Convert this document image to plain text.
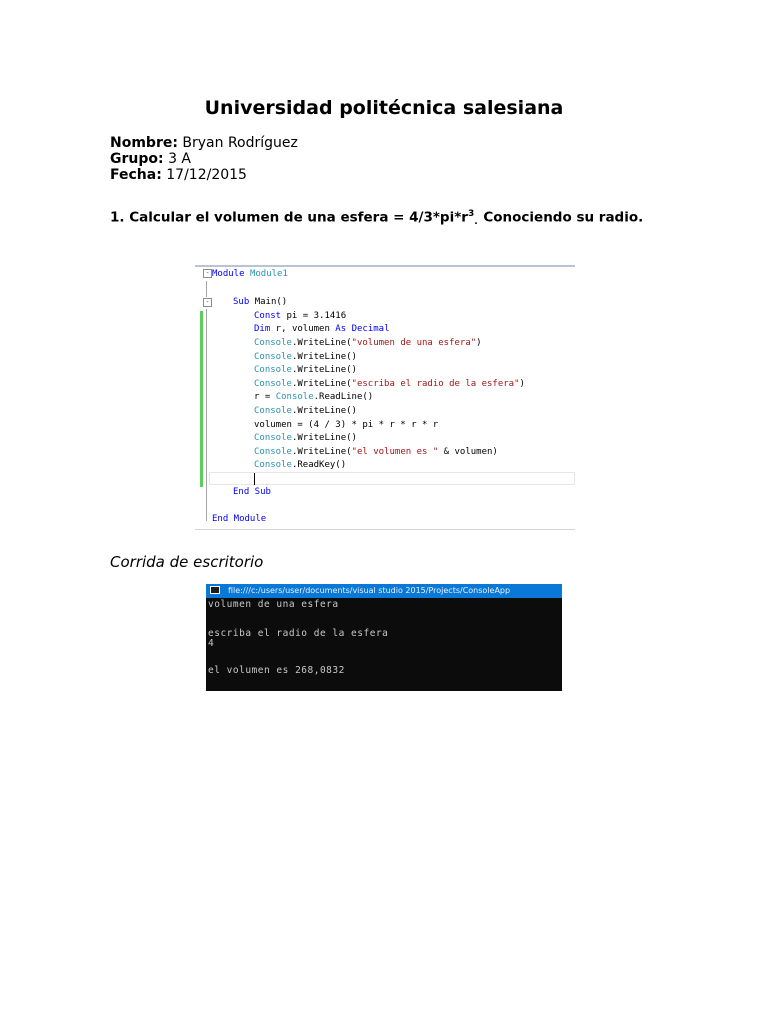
Universidad politécnica salesiana
Nombre: Bryan Rodríguez
Grupo: 3 A
Fecha: 17/12/2015
1. Calcular el volumen de una esfera = $4/3*pi*r^3$. Conociendo su radio.
-
-
Module Module1
Sub Main()
Const pi = 3.1416
Dim r, volumen As Decimal
Console.WriteLine("volumen de una esfera")
Console.WriteLine()
Console.WriteLine()
Console.WriteLine("escriba el radio de la esfera")
r = Console.ReadLine()
Console.WriteLine()
volumen = (4 / 3) * pi * r * r * r
Console.WriteLine()
Console.WriteLine("el volumen es " & volumen)
Console.ReadKey()
End Sub
End Module
Corrida de escritorio
file:///c:/users/user/documents/visual studio 2015/Projects/ConsoleApp
volumen de una esfera
escriba el radio de la esfera
4
el volumen es 268,0832
